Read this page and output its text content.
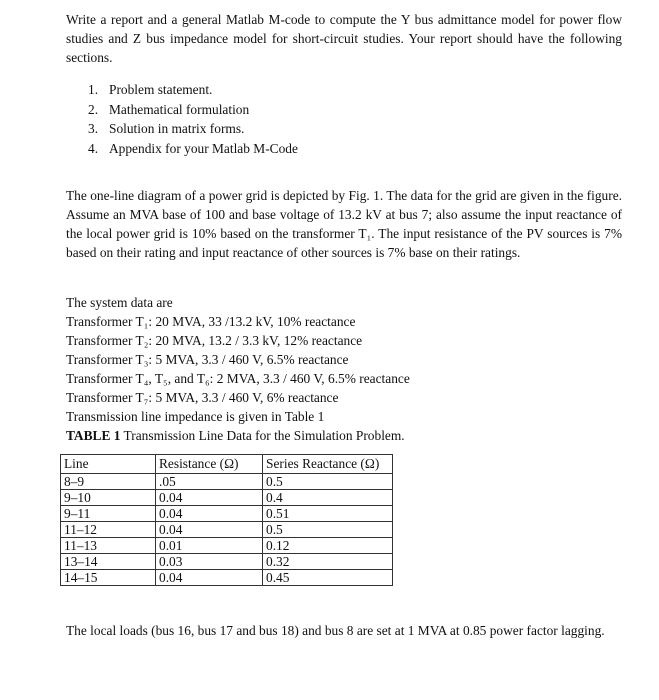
Write a report and a general Matlab M-code to compute the Y bus admittance model for power flow studies and Z bus impedance model for short-circuit studies. Your report should have the following sections.

1. Problem statement.
2. Mathematical formulation
3. Solution in matrix forms.
4. Appendix for your Matlab M-Code

The one-line diagram of a power grid is depicted by Fig. 1. The data for the grid are given in the figure. Assume an MVA base of 100 and base voltage of 13.2 kV at bus 7; also assume the input reactance of the local power grid is 10% based on the transformer T₁. The input resistance of the PV sources is 7% based on their rating and input reactance of other sources is 7% base on their ratings.

The system data are
Transformer T₁: 20 MVA, 33 /13.2 kV, 10% reactance
Transformer T₂: 20 MVA, 13.2 / 3.3 kV, 12% reactance
Transformer T₃: 5 MVA, 3.3 / 460 V, 6.5% reactance
Transformer T₄, T₅, and T₆: 2 MVA, 3.3 / 460 V, 6.5% reactance
Transformer T₇: 5 MVA, 3.3 / 460 V, 6% reactance
Transmission line impedance is given in Table 1
TABLE 1 Transmission Line Data for the Simulation Problem.
Line	Resistance (Ω)	Series Reactance (Ω)
8–9	.05	0.5
9–10	0.04	0.4
9–11	0.04	0.51
11–12	0.04	0.5
11–13	0.01	0.12
13–14	0.03	0.32
14–15	0.04	0.45

The local loads (bus 16, bus 17 and bus 18) and bus 8 are set at 1 MVA at 0.85 power factor lagging.
